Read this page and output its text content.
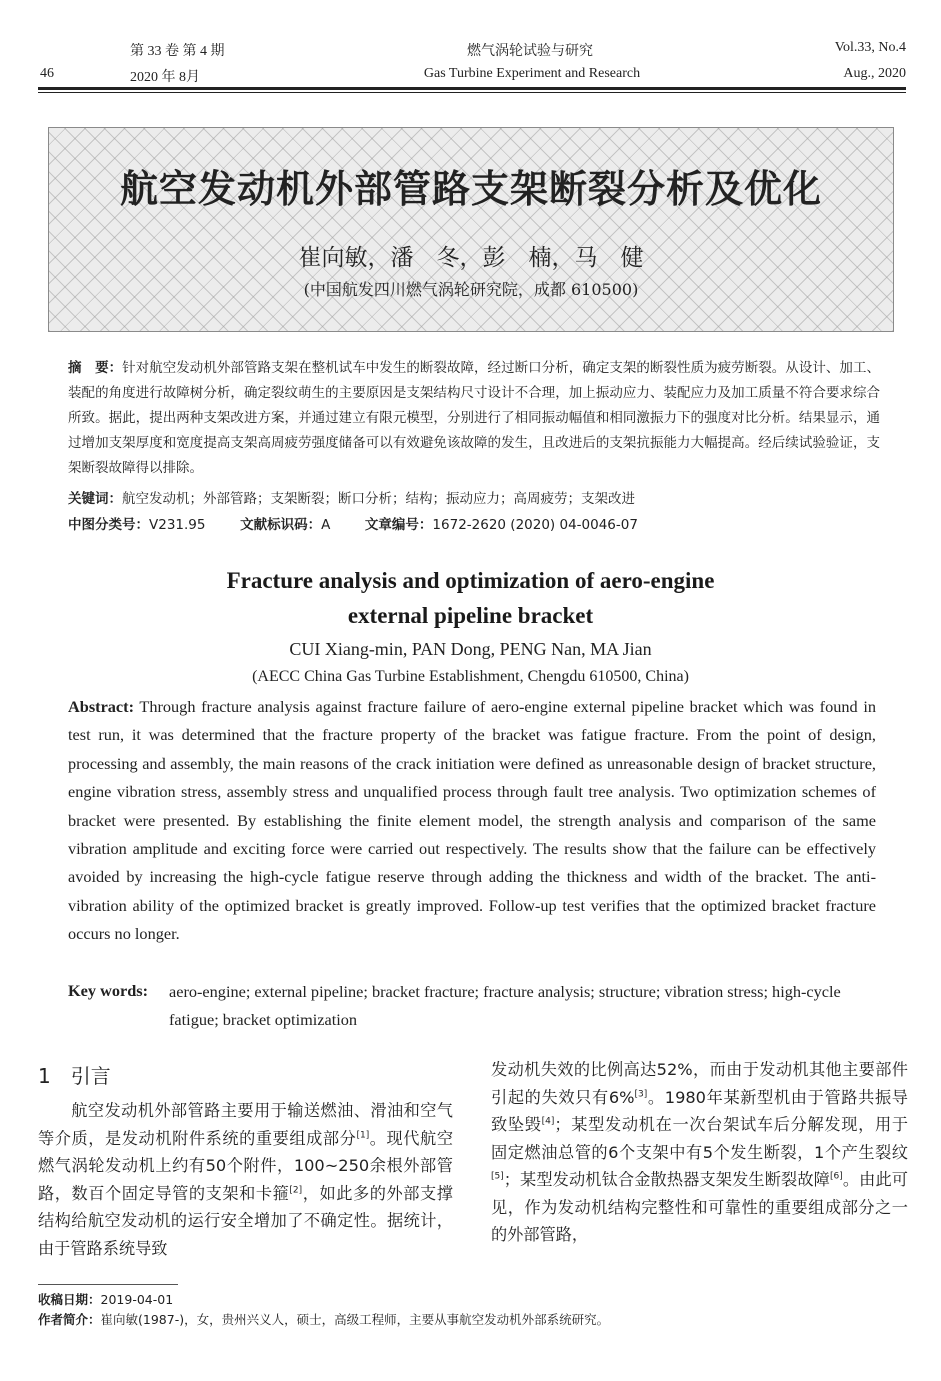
第 33 卷 第 4 期	燃气涡轮试验与研究	Vol.33, No.4
46	2020 年 8月	Gas Turbine Experiment and Research	Aug., 2020
航空发动机外部管路支架断裂分析及优化
崔向敏，潘　冬，彭　楠，马　健
(中国航发四川燃气涡轮研究院，成都 610500)
摘　要：针对航空发动机外部管路支架在整机试车中发生的断裂故障，经过断口分析，确定支架的断裂性质为疲劳断裂。从设计、加工、装配的角度进行故障树分析，确定裂纹萌生的主要原因是支架结构尺寸设计不合理，加上振动应力、装配应力及加工质量不符合要求综合所致。据此，提出两种支架改进方案，并通过建立有限元模型，分别进行了相同振动幅值和相同激振力下的强度对比分析。结果显示，通过增加支架厚度和宽度提高支架高周疲劳强度储备可以有效避免该故障的发生，且改进后的支架抗振能力大幅提高。经后续试验验证，支架断裂故障得以排除。
关键词：航空发动机；外部管路；支架断裂；断口分析；结构；振动应力；高周疲劳；支架改进
中图分类号：V231.95	文献标识码：A	文章编号：1672-2620 (2020) 04-0046-07
Fracture analysis and optimization of aero-engine
external pipeline bracket
CUI Xiang-min, PAN Dong, PENG Nan, MA Jian
(AECC China Gas Turbine Establishment, Chengdu 610500, China)
Abstract: Through fracture analysis against fracture failure of aero-engine external pipeline bracket which was found in test run, it was determined that the fracture property of the bracket was fatigue fracture. From the point of design, processing and assembly, the main reasons of the crack initiation were defined as unreasonable design of bracket structure, engine vibration stress, assembly stress and unqualified process through fault tree analysis. Two optimization schemes of bracket were presented. By establishing the finite element model, the strength analysis and comparison of the same vibration amplitude and exciting force were carried out respectively. The results show that the failure can be effectively avoided by increasing the high-cycle fatigue reserve through adding the thickness and width of the bracket. The anti-vibration ability of the optimized bracket is greatly improved. Follow-up test verifies that the optimized bracket fracture occurs no longer.
Key words: aero-engine; external pipeline; bracket fracture; fracture analysis; structure; vibration stress; high-cycle fatigue; bracket optimization
1　引言
　　航空发动机外部管路主要用于输送燃油、滑油和空气等介质，是发动机附件系统的重要组成部分[1]。现代航空燃气涡轮发动机上约有50个附件，100~250余根外部管路，数百个固定导管的支架和卡箍[2]，如此多的外部支撑结构给航空发动机的运行安全增加了不确定性。据统计，由于管路系统导致
发动机失效的比例高达52%，而由于发动机其他主要部件引起的失效只有6%[3]。1980年某新型机由于管路共振导致坠毁[4]；某型发动机在一次台架试车后分解发现，用于固定燃油总管的6个支架中有5个发生断裂，1个产生裂纹[5]；某型发动机钛合金散热器支架发生断裂故障[6]。由此可见，作为发动机结构完整性和可靠性的重要组成部分之一的外部管路，
收稿日期：2019-04-01
作者简介：崔向敏(1987-)，女，贵州兴义人，硕士，高级工程师，主要从事航空发动机外部系统研究。
